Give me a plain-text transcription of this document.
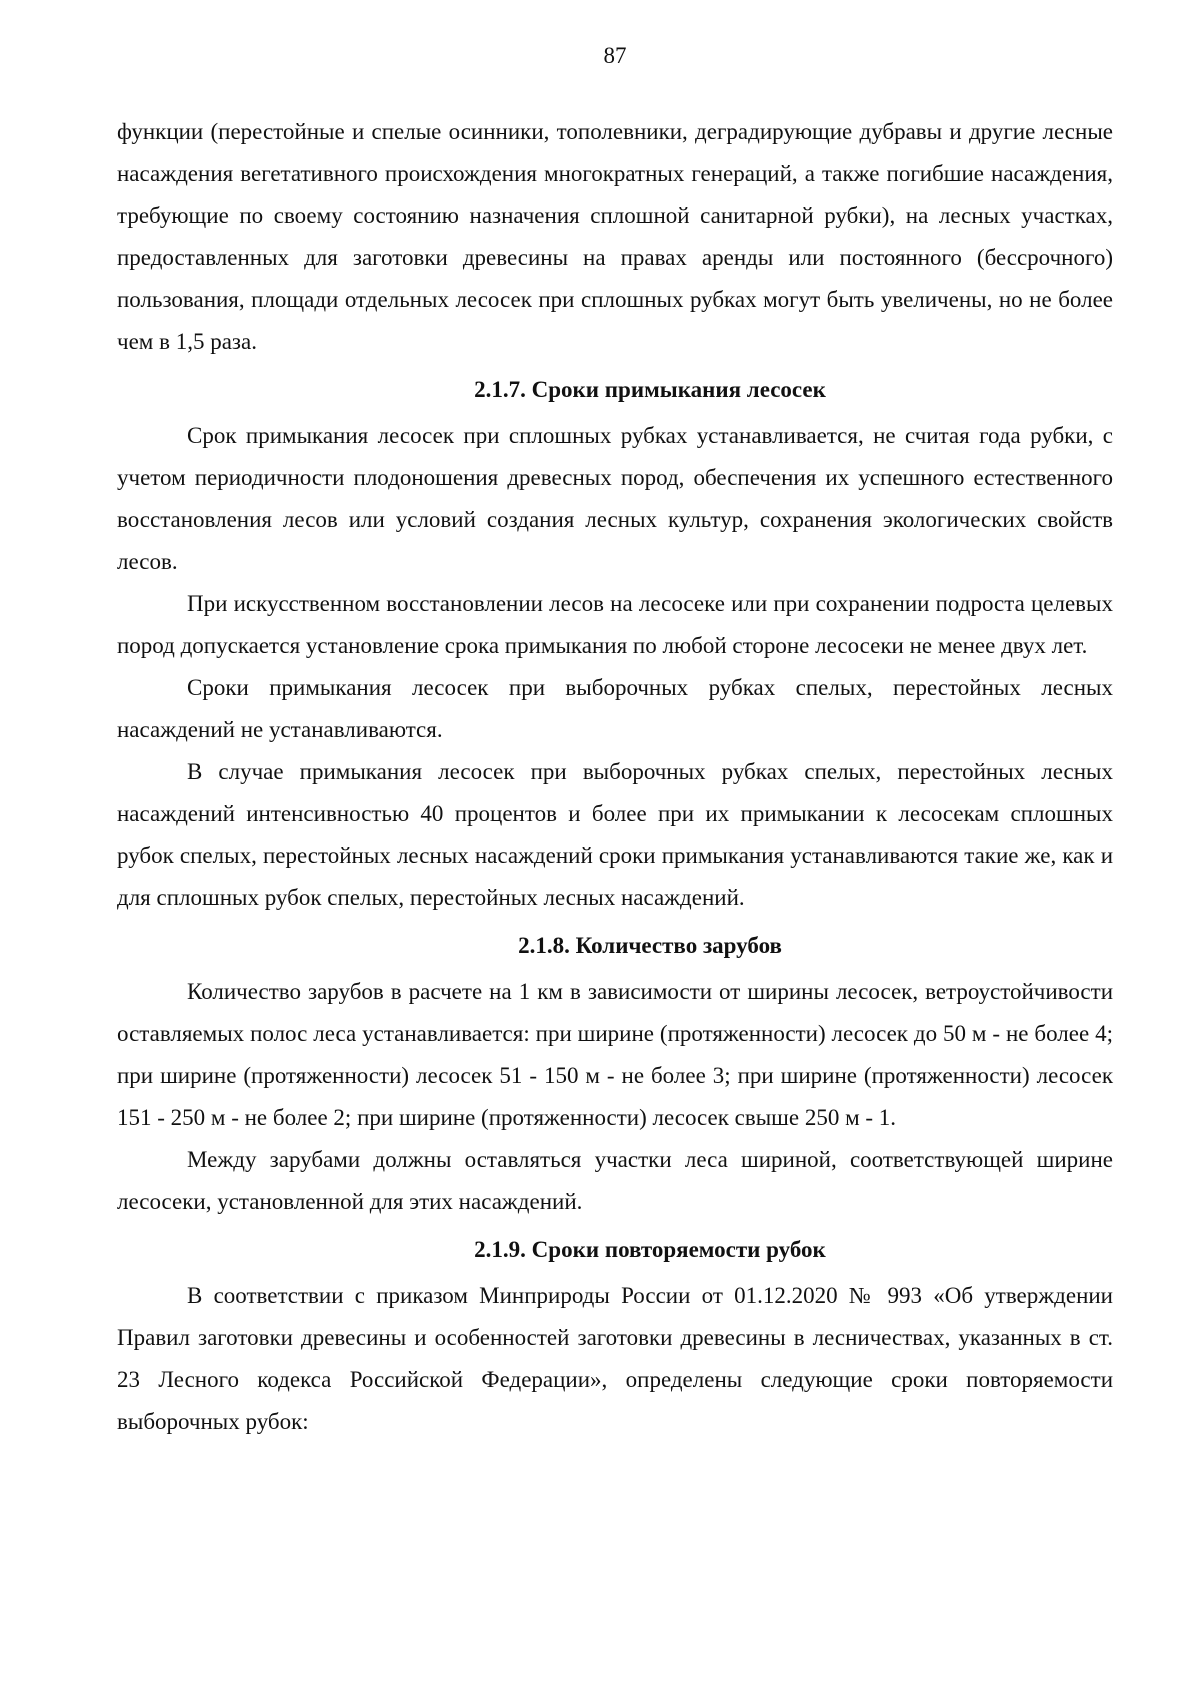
87

функции (перестойные и спелые осинники, тополевники, деградирующие дубравы и другие лесные насаждения вегетативного происхождения многократных генераций, а также погибшие насаждения, требующие по своему состоянию назначения сплошной санитарной рубки), на лесных участках, предоставленных для заготовки древесины на правах аренды или постоянного (бессрочного) пользования, площади отдельных лесосек при сплошных рубках могут быть увеличены, но не более чем в 1,5 раза.

2.1.7. Сроки примыкания лесосек

Срок примыкания лесосек при сплошных рубках устанавливается, не считая года рубки, с учетом периодичности плодоношения древесных пород, обеспечения их успешного естественного восстановления лесов или условий создания лесных культур, сохранения экологических свойств лесов.

При искусственном восстановлении лесов на лесосеке или при сохранении подроста целевых пород допускается установление срока примыкания по любой стороне лесосеки не менее двух лет.

Сроки примыкания лесосек при выборочных рубках спелых, перестойных лесных насаждений не устанавливаются.

В случае примыкания лесосек при выборочных рубках спелых, перестойных лесных насаждений интенсивностью 40 процентов и более при их примыкании к лесосекам сплошных рубок спелых, перестойных лесных насаждений сроки примыкания устанавливаются такие же, как и для сплошных рубок спелых, перестойных лесных насаждений.

2.1.8. Количество зарубов

Количество зарубов в расчете на 1 км в зависимости от ширины лесосек, ветроустойчивости оставляемых полос леса устанавливается: при ширине (протяженности) лесосек до 50 м - не более 4; при ширине (протяженности) лесосек 51 - 150 м - не более 3; при ширине (протяженности) лесосек 151 - 250 м - не более 2; при ширине (протяженности) лесосек свыше 250 м - 1.

Между зарубами должны оставляться участки леса шириной, соответствующей ширине лесосеки, установленной для этих насаждений.

2.1.9. Сроки повторяемости рубок

В соответствии с приказом Минприроды России от 01.12.2020 № 993 «Об утверждении Правил заготовки древесины и особенностей заготовки древесины в лесничествах, указанных в ст. 23 Лесного кодекса Российской Федерации», определены следующие сроки повторяемости выборочных рубок:
